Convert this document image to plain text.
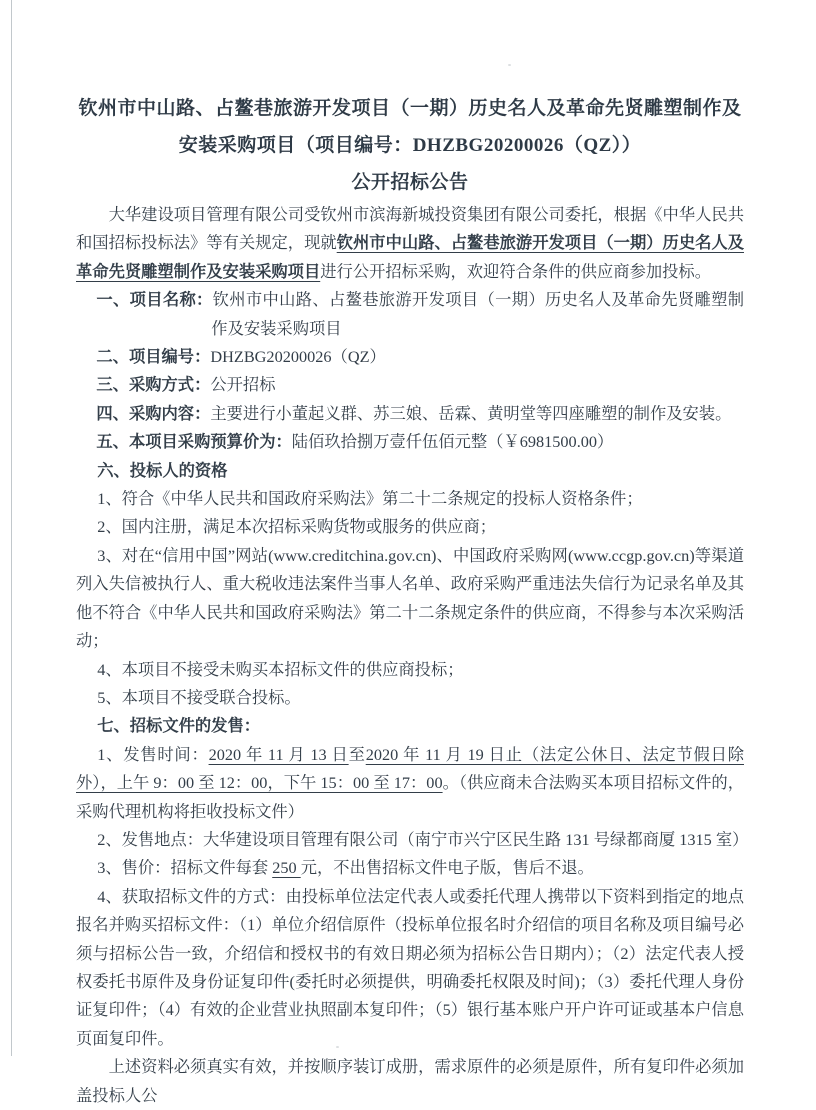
钦州市中山路、占鳌巷旅游开发项目（一期）历史名人及革命先贤雕塑制作及
安装采购项目（项目编号：DHZBG20200026（QZ））
公开招标公告

大华建设项目管理有限公司受钦州市滨海新城投资集团有限公司委托，根据《中华人民共和国招标投标法》等有关规定，现就钦州市中山路、占鳌巷旅游开发项目（一期）历史名人及革命先贤雕塑制作及安装采购项目进行公开招标采购，欢迎符合条件的供应商参加投标。

一、项目名称：钦州市中山路、占鳌巷旅游开发项目（一期）历史名人及革命先贤雕塑制作及安装采购项目

二、项目编号：DHZBG20200026（QZ）

三、采购方式：公开招标

四、采购内容：主要进行小董起义群、苏三娘、岳霖、黄明堂等四座雕塑的制作及安装。

五、本项目采购预算价为：陆佰玖拾捌万壹仟伍佰元整（￥6981500.00）

六、投标人的资格

1、符合《中华人民共和国政府采购法》第二十二条规定的投标人资格条件；

2、国内注册，满足本次招标采购货物或服务的供应商；

3、对在“信用中国”网站(www.creditchina.gov.cn)、中国政府采购网(www.ccgp.gov.cn)等渠道列入失信被执行人、重大税收违法案件当事人名单、政府采购严重违法失信行为记录名单及其他不符合《中华人民共和国政府采购法》第二十二条规定条件的供应商，不得参与本次采购活动；

4、本项目不接受未购买本招标文件的供应商投标；

5、本项目不接受联合投标。

七、招标文件的发售：

1、发售时间：2020 年 11 月 13 日至2020 年 11 月 19 日止（法定公休日、法定节假日除外），上午 9：00 至 12：00，下午 15：00 至 17：00。（供应商未合法购买本项目招标文件的，采购代理机构将拒收投标文件）

2、发售地点：大华建设项目管理有限公司（南宁市兴宁区民生路 131 号绿都商厦 1315 室）

3、售价：招标文件每套 250 元，不出售招标文件电子版，售后不退。

4、获取招标文件的方式：由投标单位法定代表人或委托代理人携带以下资料到指定的地点报名并购买招标文件：（1）单位介绍信原件（投标单位报名时介绍信的项目名称及项目编号必须与招标公告一致，介绍信和授权书的有效日期必须为招标公告日期内）；（2）法定代表人授权委托书原件及身份证复印件(委托时必须提供，明确委托权限及时间)；（3）委托代理人身份证复印件；（4）有效的企业营业执照副本复印件；（5）银行基本账户开户许可证或基本户信息页面复印件。

上述资料必须真实有效，并按顺序装订成册，需求原件的必须是原件，所有复印件必须加盖投标人公
